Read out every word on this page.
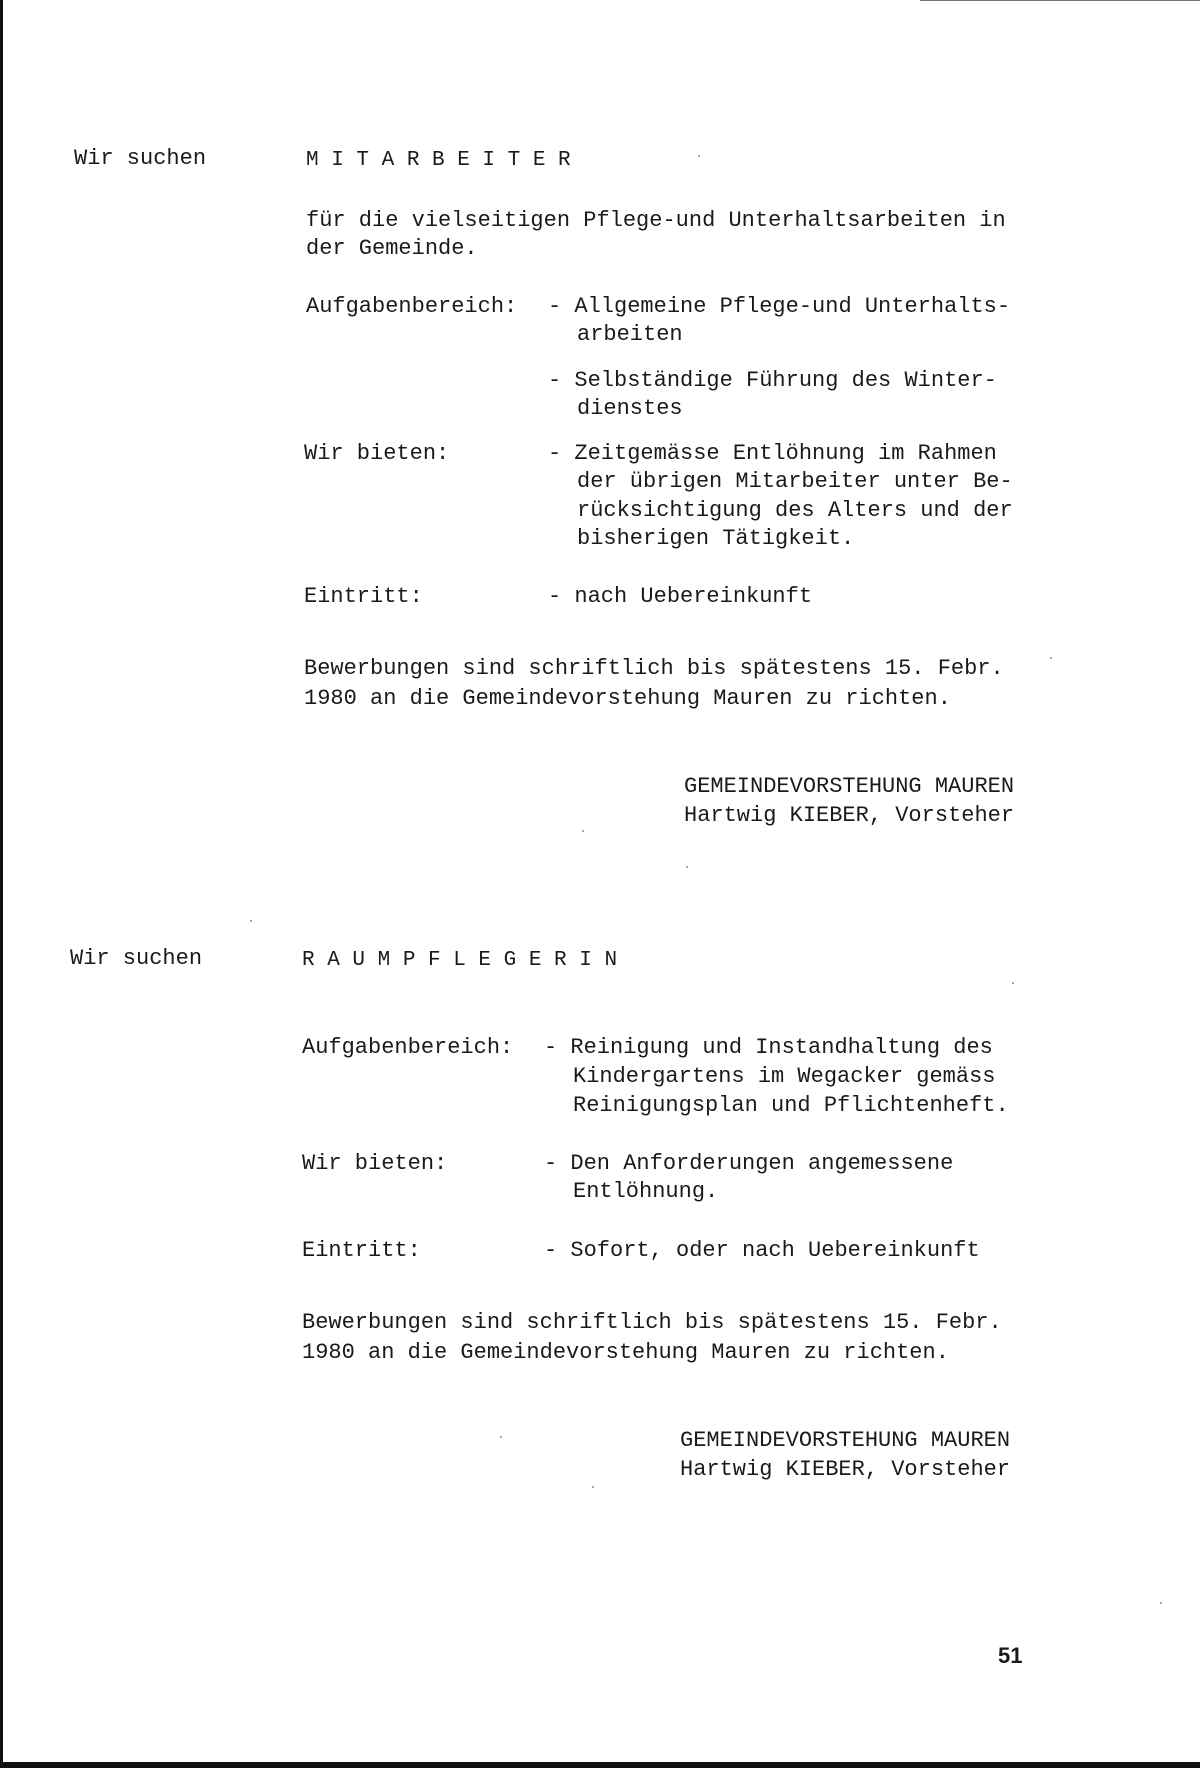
Wir suchen	M I T A R B E I T E R
für die vielseitigen Pflege-und Unterhaltsarbeiten in
der Gemeinde.
Aufgabenbereich: - Allgemeine Pflege-und Unterhalts-
arbeiten
- Selbständige Führung des Winter-
dienstes
Wir bieten:	- Zeitgemässe Entlöhnung im Rahmen
der übrigen Mitarbeiter unter Be-
rücksichtigung des Alters und der
bisherigen Tätigkeit.
Eintritt:	- nach Uebereinkunft
Bewerbungen sind schriftlich bis spätestens 15. Febr.
1980 an die Gemeindevorstehung Mauren zu richten.
GEMEINDEVORSTEHUNG MAUREN
Hartwig KIEBER, Vorsteher
Wir suchen	R A U M P F L E G E R I N
Aufgabenbereich: - Reinigung und Instandhaltung des
Kindergartens im Wegacker gemäss
Reinigungsplan und Pflichtenheft.
Wir bieten:	- Den Anforderungen angemessene
Entlöhnung.
Eintritt:	- Sofort, oder nach Uebereinkunft
Bewerbungen sind schriftlich bis spätestens 15. Febr.
1980 an die Gemeindevorstehung Mauren zu richten.
GEMEINDEVORSTEHUNG MAUREN
Hartwig KIEBER, Vorsteher
51
